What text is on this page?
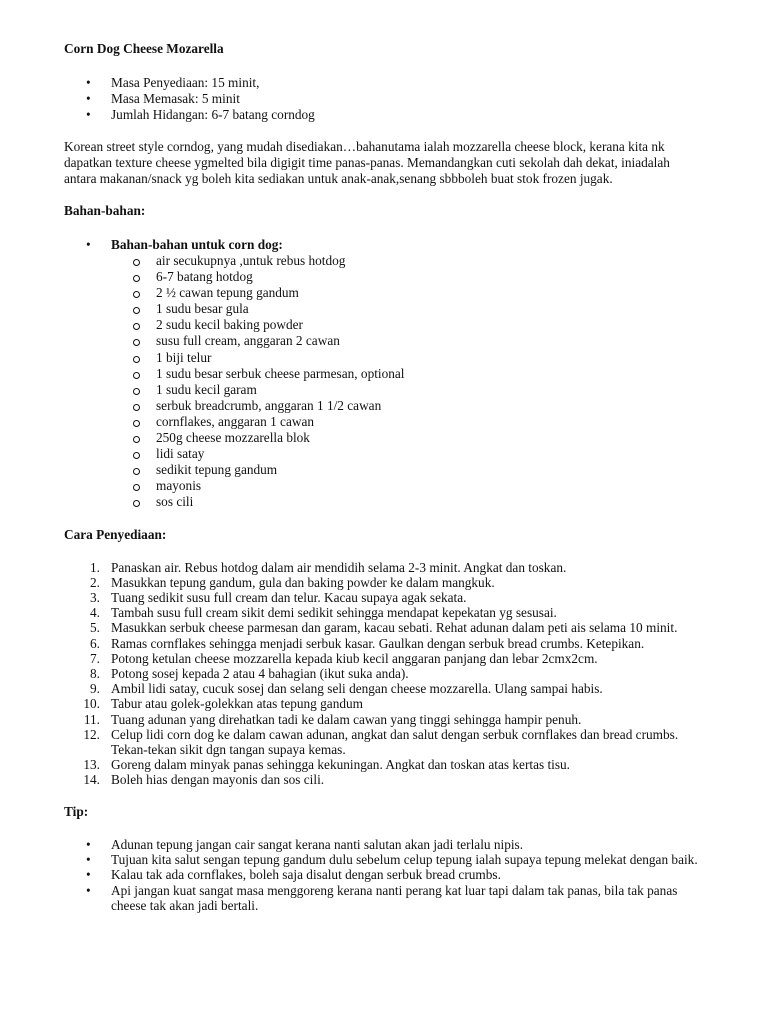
Corn Dog Cheese Mozarella
• Masa Penyediaan: 15 minit,
• Masa Memasak: 5 minit
• Jumlah Hidangan: 6-7 batang corndog

Korean street style corndog, yang mudah disediakan…bahanutama ialah mozzarella cheese block, kerana kita nk dapatkan texture cheese ygmelted bila digigit time panas-panas. Memandangkan cuti sekolah dah dekat, iniadalah antara makanan/snack yg boleh kita sediakan untuk anak-anak,senang sbbboleh buat stok frozen jugak.

Bahan-bahan:
• Bahan-bahan untuk corn dog:
air secukupnya ,untuk rebus hotdog
6-7 batang hotdog
2 ½ cawan tepung gandum
1 sudu besar gula
2 sudu kecil baking powder
susu full cream, anggaran 2 cawan
1 biji telur
1 sudu besar serbuk cheese parmesan, optional
1 sudu kecil garam
serbuk breadcrumb, anggaran 1 1/2 cawan
cornflakes, anggaran 1 cawan
250g cheese mozzarella blok
lidi satay
sedikit tepung gandum
mayonis
sos cili
Cara Penyediaan:
1. Panaskan air. Rebus hotdog dalam air mendidih selama 2-3 minit. Angkat dan toskan.
2. Masukkan tepung gandum, gula dan baking powder ke dalam mangkuk.
3. Tuang sedikit susu full cream dan telur. Kacau supaya agak sekata.
4. Tambah susu full cream sikit demi sedikit sehingga mendapat kepekatan yg sesusai.
5. Masukkan serbuk cheese parmesan dan garam, kacau sebati. Rehat adunan dalam peti ais selama 10 minit.
6. Ramas cornflakes sehingga menjadi serbuk kasar. Gaulkan dengan serbuk bread crumbs. Ketepikan.
7. Potong ketulan cheese mozzarella kepada kiub kecil anggaran panjang dan lebar 2cmx2cm.
8. Potong sosej kepada 2 atau 4 bahagian (ikut suka anda).
9. Ambil lidi satay, cucuk sosej dan selang seli dengan cheese mozzarella. Ulang sampai habis.
10. Tabur atau golek-golekkan atas tepung gandum
11. Tuang adunan yang direhatkan tadi ke dalam cawan yang tinggi sehingga hampir penuh.
12. Celup lidi corn dog ke dalam cawan adunan, angkat dan salut dengan serbuk cornflakes dan bread crumbs. Tekan-tekan sikit dgn tangan supaya kemas.
13. Goreng dalam minyak panas sehingga kekuningan. Angkat dan toskan atas kertas tisu.
14. Boleh hias dengan mayonis dan sos cili.
Tip:
• Adunan tepung jangan cair sangat kerana nanti salutan akan jadi terlalu nipis.
• Tujuan kita salut sengan tepung gandum dulu sebelum celup tepung ialah supaya tepung melekat dengan baik.
• Kalau tak ada cornflakes, boleh saja disalut dengan serbuk bread crumbs.
• Api jangan kuat sangat masa menggoreng kerana nanti perang kat luar tapi dalam tak panas, bila tak panas cheese tak akan jadi bertali.
